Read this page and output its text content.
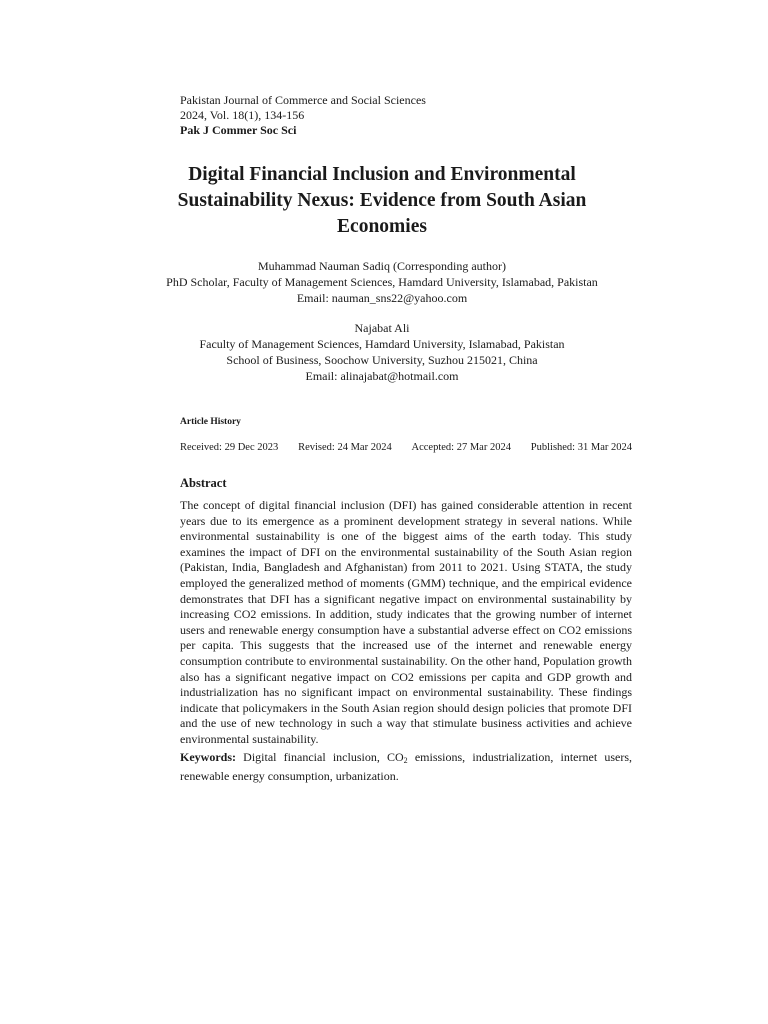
Pakistan Journal of Commerce and Social Sciences
2024, Vol. 18(1), 134-156
Pak J Commer Soc Sci
Digital Financial Inclusion and Environmental Sustainability Nexus: Evidence from South Asian Economies
Muhammad Nauman Sadiq (Corresponding author)
PhD Scholar, Faculty of Management Sciences, Hamdard University, Islamabad, Pakistan
Email: nauman_sns22@yahoo.com
Najabat Ali
Faculty of Management Sciences, Hamdard University, Islamabad, Pakistan
School of Business, Soochow University, Suzhou 215021, China
Email: alinajabat@hotmail.com
Article History
Received: 29 Dec 2023 Revised: 24 Mar 2024 Accepted: 27 Mar 2024 Published: 31 Mar 2024
Abstract

The concept of digital financial inclusion (DFI) has gained considerable attention in recent years due to its emergence as a prominent development strategy in several nations. While environmental sustainability is one of the biggest aims of the earth today. This study examines the impact of DFI on the environmental sustainability of the South Asian region (Pakistan, India, Bangladesh and Afghanistan) from 2011 to 2021. Using STATA, the study employed the generalized method of moments (GMM) technique, and the empirical evidence demonstrates that DFI has a significant negative impact on environmental sustainability by increasing CO2 emissions. In addition, study indicates that the growing number of internet users and renewable energy consumption have a substantial adverse effect on CO2 emissions per capita. This suggests that the increased use of the internet and renewable energy consumption contribute to environmental sustainability. On the other hand, Population growth also has a significant negative impact on CO2 emissions per capita and GDP growth and industrialization has no significant impact on environmental sustainability. These findings indicate that policymakers in the South Asian region should design policies that promote DFI and the use of new technology in such a way that stimulate business activities and achieve environmental sustainability.

Keywords: Digital financial inclusion, $CO_2$ emissions, industrialization, internet users, renewable energy consumption, urbanization.
